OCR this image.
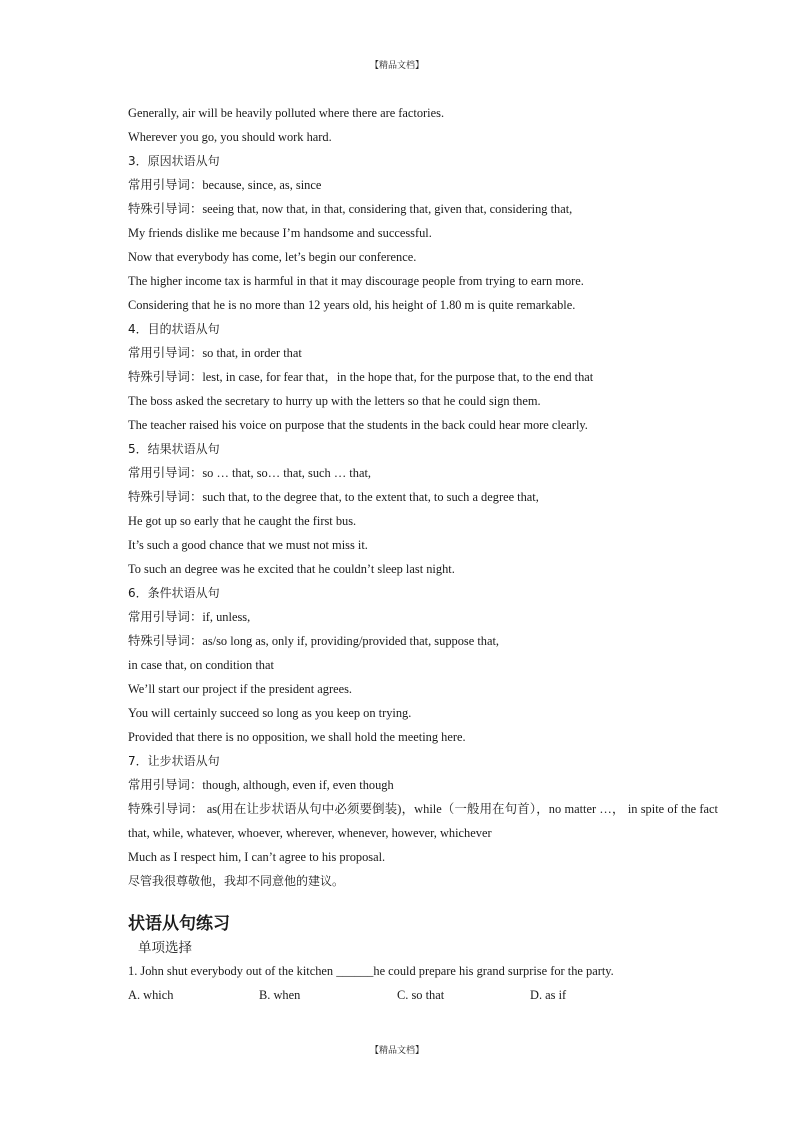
【精品文档】
Generally, air will be heavily polluted where there are factories.
Wherever you go, you should work hard.
3．原因状语从句
常用引导词：because, since, as, since
特殊引导词：seeing that, now that, in that, considering that, given that, considering that,
My friends dislike me because I’m handsome and successful.
Now that everybody has come, let’s begin our conference.
The higher income tax is harmful in that it may discourage people from trying to earn more.
Considering that he is no more than 12 years old, his height of 1.80 m is quite remarkable.
4．目的状语从句
常用引导词：so that, in order that
特殊引导词：lest, in case, for fear that，in the hope that, for the purpose that, to the end that
The boss asked the secretary to hurry up with the letters so that he could sign them.
The teacher raised his voice on purpose that the students in the back could hear more clearly.
5．结果状语从句
常用引导词：so … that, so… that, such … that,
特殊引导词：such that, to the degree that, to the extent that, to such a degree that,
He got up so early that he caught the first bus.
It’s such a good chance that we must not miss it.
To such an degree was he excited that he couldn’t sleep last night.
6．条件状语从句
常用引导词：if, unless,
特殊引导词：as/so long as, only if, providing/provided that, suppose that,
in case that, on condition that
We’ll start our project if the president agrees.
You will certainly succeed so long as you keep on trying.
Provided that there is no opposition, we shall hold the meeting here.
7．让步状语从句
常用引导词：though, although, even if, even though
特殊引导词： as(用在让步状语从句中必须要倒装)，while（一般用在句首），no matter …， in spite of the fact that, while, whatever, whoever, wherever, whenever, however, whichever
Much as I respect him, I can’t agree to his proposal.
尽管我很尊敬他，我却不同意他的建议。
状语从句练习
单项选择
1. John shut everybody out of the kitchen ______he could prepare his grand surprise for the party.
A. which	B. when	C. so that	D. as if
【精品文档】
